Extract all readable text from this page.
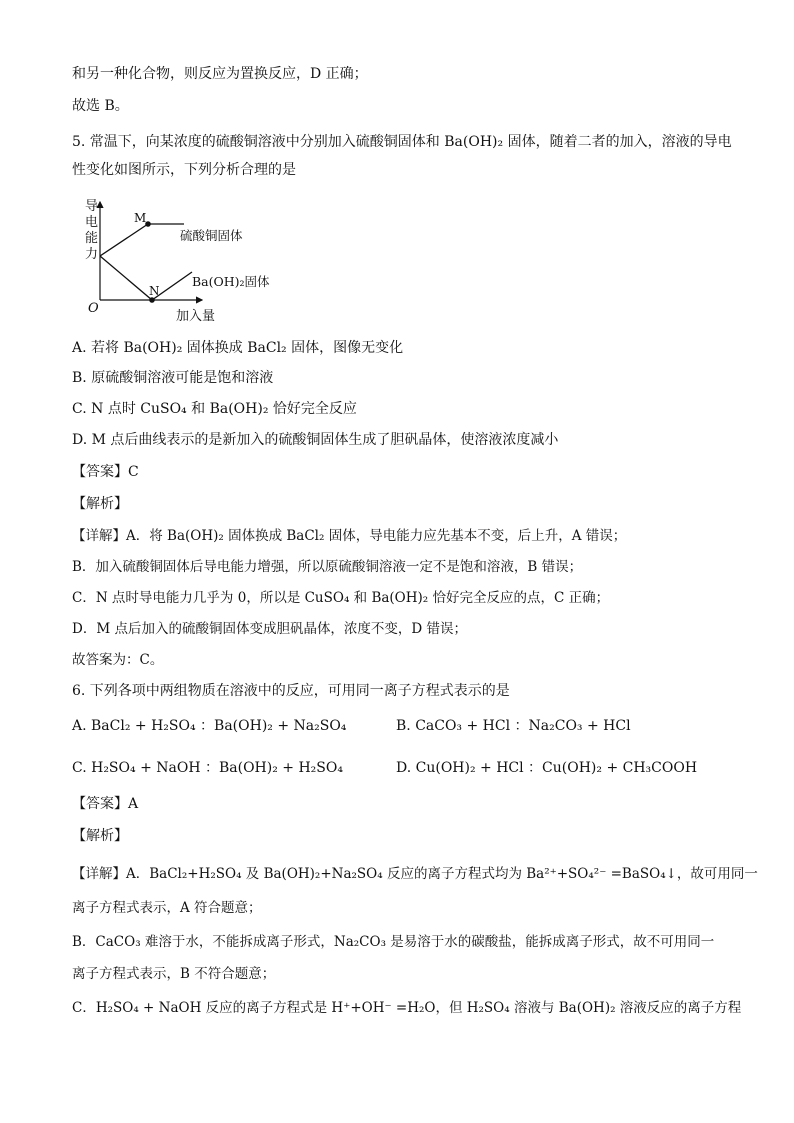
和另一种化合物，则反应为置换反应，D 正确；
故选 B。
5. 常温下，向某浓度的硫酸铜溶液中分别加入硫酸铜固体和 Ba(OH)₂ 固体，随着二者的加入，溶液的导电
性变化如图所示，下列分析合理的是
导
电
能
力
O
加入量
M
硫酸铜固体
N
Ba(OH)₂固体
A. 若将 Ba(OH)₂ 固体换成 BaCl₂ 固体，图像无变化
B. 原硫酸铜溶液可能是饱和溶液
C. N 点时 CuSO₄ 和 Ba(OH)₂ 恰好完全反应
D. M 点后曲线表示的是新加入的硫酸铜固体生成了胆矾晶体，使溶液浓度减小
【答案】C
【解析】
【详解】A．将 Ba(OH)₂ 固体换成 BaCl₂ 固体，导电能力应先基本不变，后上升，A 错误；
B．加入硫酸铜固体后导电能力增强，所以原硫酸铜溶液一定不是饱和溶液，B 错误；
C．N 点时导电能力几乎为 0，所以是 CuSO₄ 和 Ba(OH)₂ 恰好完全反应的点，C 正确；
D．M 点后加入的硫酸铜固体变成胆矾晶体，浓度不变，D 错误；
故答案为：C。
6. 下列各项中两组物质在溶液中的反应，可用同一离子方程式表示的是
A. BaCl₂ + H₂SO₄ ：Ba(OH)₂ + Na₂SO₄	B. CaCO₃ + HCl ：Na₂CO₃ + HCl
C. H₂SO₄ + NaOH ：Ba(OH)₂ + H₂SO₄	D. Cu(OH)₂ + HCl ：Cu(OH)₂ + CH₃COOH
【答案】A
【解析】
【详解】A．BaCl₂+H₂SO₄ 及 Ba(OH)₂+Na₂SO₄ 反应的离子方程式均为 Ba²⁺+SO₄²⁻ =BaSO₄↓，故可用同一
离子方程式表示，A 符合题意；
B．CaCO₃ 难溶于水，不能拆成离子形式，Na₂CO₃ 是易溶于水的碳酸盐，能拆成离子形式，故不可用同一
离子方程式表示，B 不符合题意；
C．H₂SO₄ + NaOH 反应的离子方程式是 H⁺+OH⁻ =H₂O，但 H₂SO₄ 溶液与 Ba(OH)₂ 溶液反应的离子方程
